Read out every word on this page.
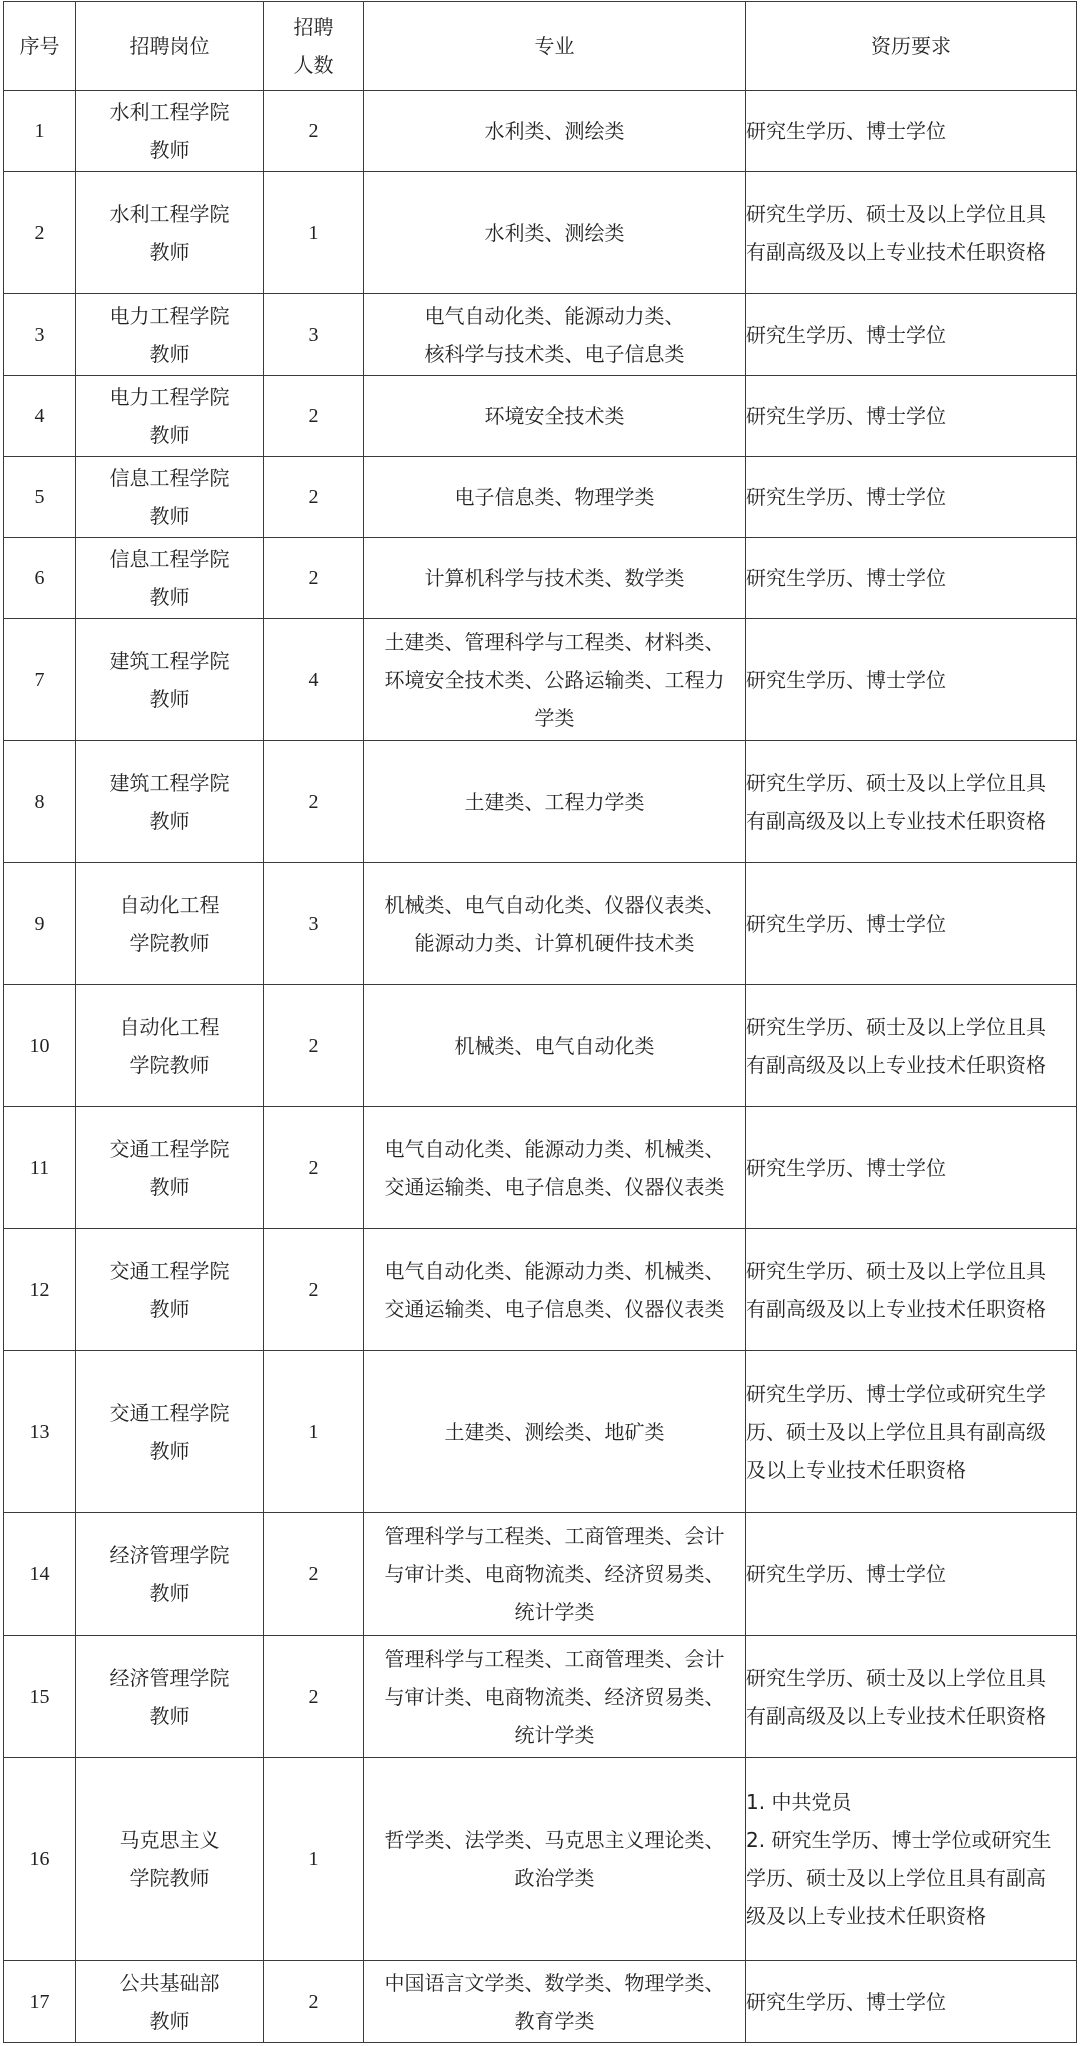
序号	招聘岗位	招聘
人数	专业	资历要求

1	水利工程学院
教师	2	水利类、测绘类	研究生学历、博士学位

2	水利工程学院
教师	1	水利类、测绘类	研究生学历、硕士及以上学位且具
有副高级及以上专业技术任职资格

3	电力工程学院
教师	3	电气自动化类、能源动力类、
核科学与技术类、电子信息类	研究生学历、博士学位

4	电力工程学院
教师	2	环境安全技术类	研究生学历、博士学位

5	信息工程学院
教师	2	电子信息类、物理学类	研究生学历、博士学位

6	信息工程学院
教师	2	计算机科学与技术类、数学类	研究生学历、博士学位

7	建筑工程学院
教师	4	土建类、管理科学与工程类、材料类、
环境安全技术类、公路运输类、工程力
学类	研究生学历、博士学位

8	建筑工程学院
教师	2	土建类、工程力学类	研究生学历、硕士及以上学位且具
有副高级及以上专业技术任职资格

9	自动化工程
学院教师	3	机械类、电气自动化类、仪器仪表类、
能源动力类、计算机硬件技术类	研究生学历、博士学位

10	自动化工程
学院教师	2	机械类、电气自动化类	研究生学历、硕士及以上学位且具
有副高级及以上专业技术任职资格

11	交通工程学院
教师	2	电气自动化类、能源动力类、机械类、
交通运输类、电子信息类、仪器仪表类	研究生学历、博士学位

12	交通工程学院
教师	2	电气自动化类、能源动力类、机械类、
交通运输类、电子信息类、仪器仪表类	研究生学历、硕士及以上学位且具
有副高级及以上专业技术任职资格

13	交通工程学院
教师	1	土建类、测绘类、地矿类	研究生学历、博士学位或研究生学
历、硕士及以上学位且具有副高级
及以上专业技术任职资格

14	经济管理学院
教师	2	管理科学与工程类、工商管理类、会计
与审计类、电商物流类、经济贸易类、
统计学类	研究生学历、博士学位

15	经济管理学院
教师	2	管理科学与工程类、工商管理类、会计
与审计类、电商物流类、经济贸易类、
统计学类	研究生学历、硕士及以上学位且具
有副高级及以上专业技术任职资格

16	马克思主义
学院教师	1	哲学类、法学类、马克思主义理论类、
政治学类	1. 中共党员
2. 研究生学历、博士学位或研究生
学历、硕士及以上学位且具有副高
级及以上专业技术任职资格

17	公共基础部
教师	2	中国语言文学类、数学类、物理学类、
教育学类	研究生学历、博士学位
